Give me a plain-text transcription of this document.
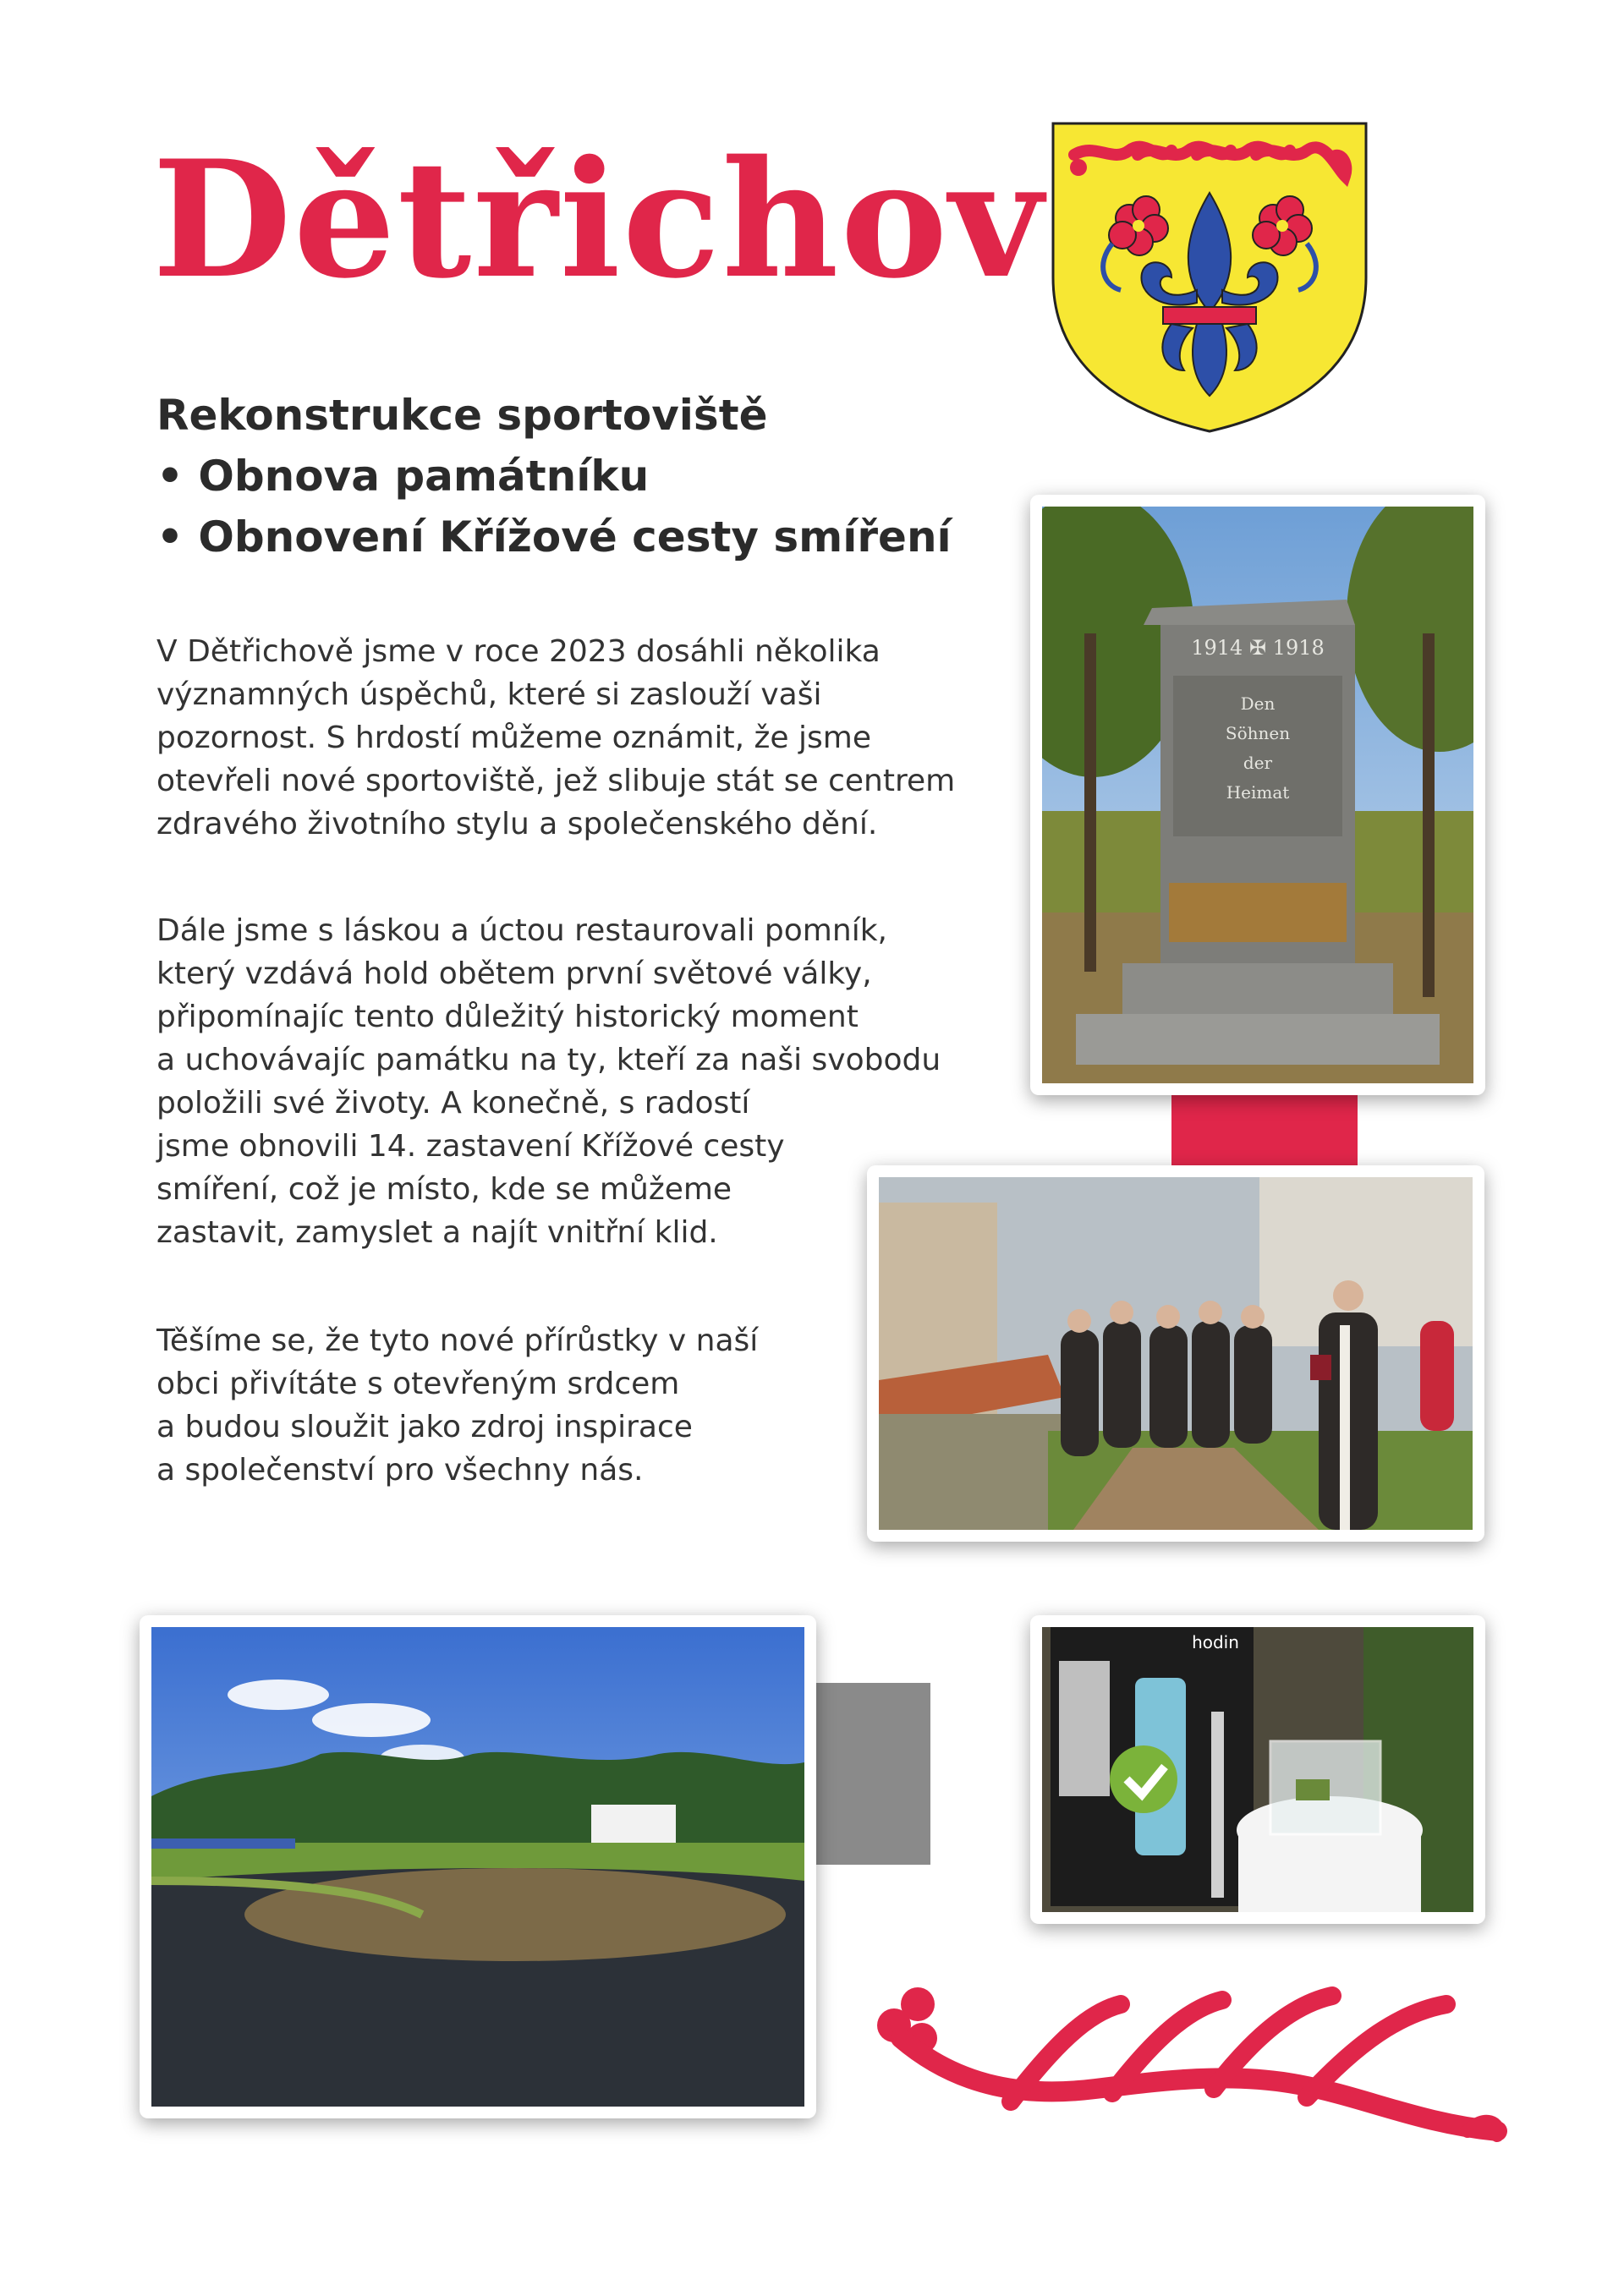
Dětřichov
Rekonstrukce sportoviště
• Obnova památníku
• Obnovení Křížové cesty smíření
V Dětřichově jsme v roce 2023 dosáhli několika
významných úspěchů, které si zaslouží vaši
pozornost. S hrdostí můžeme oznámit, že jsme
otevřeli nové sportoviště, jež slibuje stát se centrem
zdravého životního stylu a společenského dění.
Dále jsme s láskou a úctou restaurovali pomník,
který vzdává hold obětem první světové války,
připomínajíc tento důležitý historický moment
a uchovávajíc památku na ty, kteří za naši svobodu
položili své životy. A konečně, s radostí
jsme obnovili 14. zastavení Křížové cesty
smíření, což je místo, kde se můžeme
zastavit, zamyslet a najít vnitřní klid.
Těšíme se, že tyto nové přírůstky v naší
obci přivítáte s otevřeným srdcem
a budou sloužit jako zdroj inspirace
a společenství pro všechny nás.
1914 ✠ 1918
Den
Söhnen
der
Heimat
hodin
